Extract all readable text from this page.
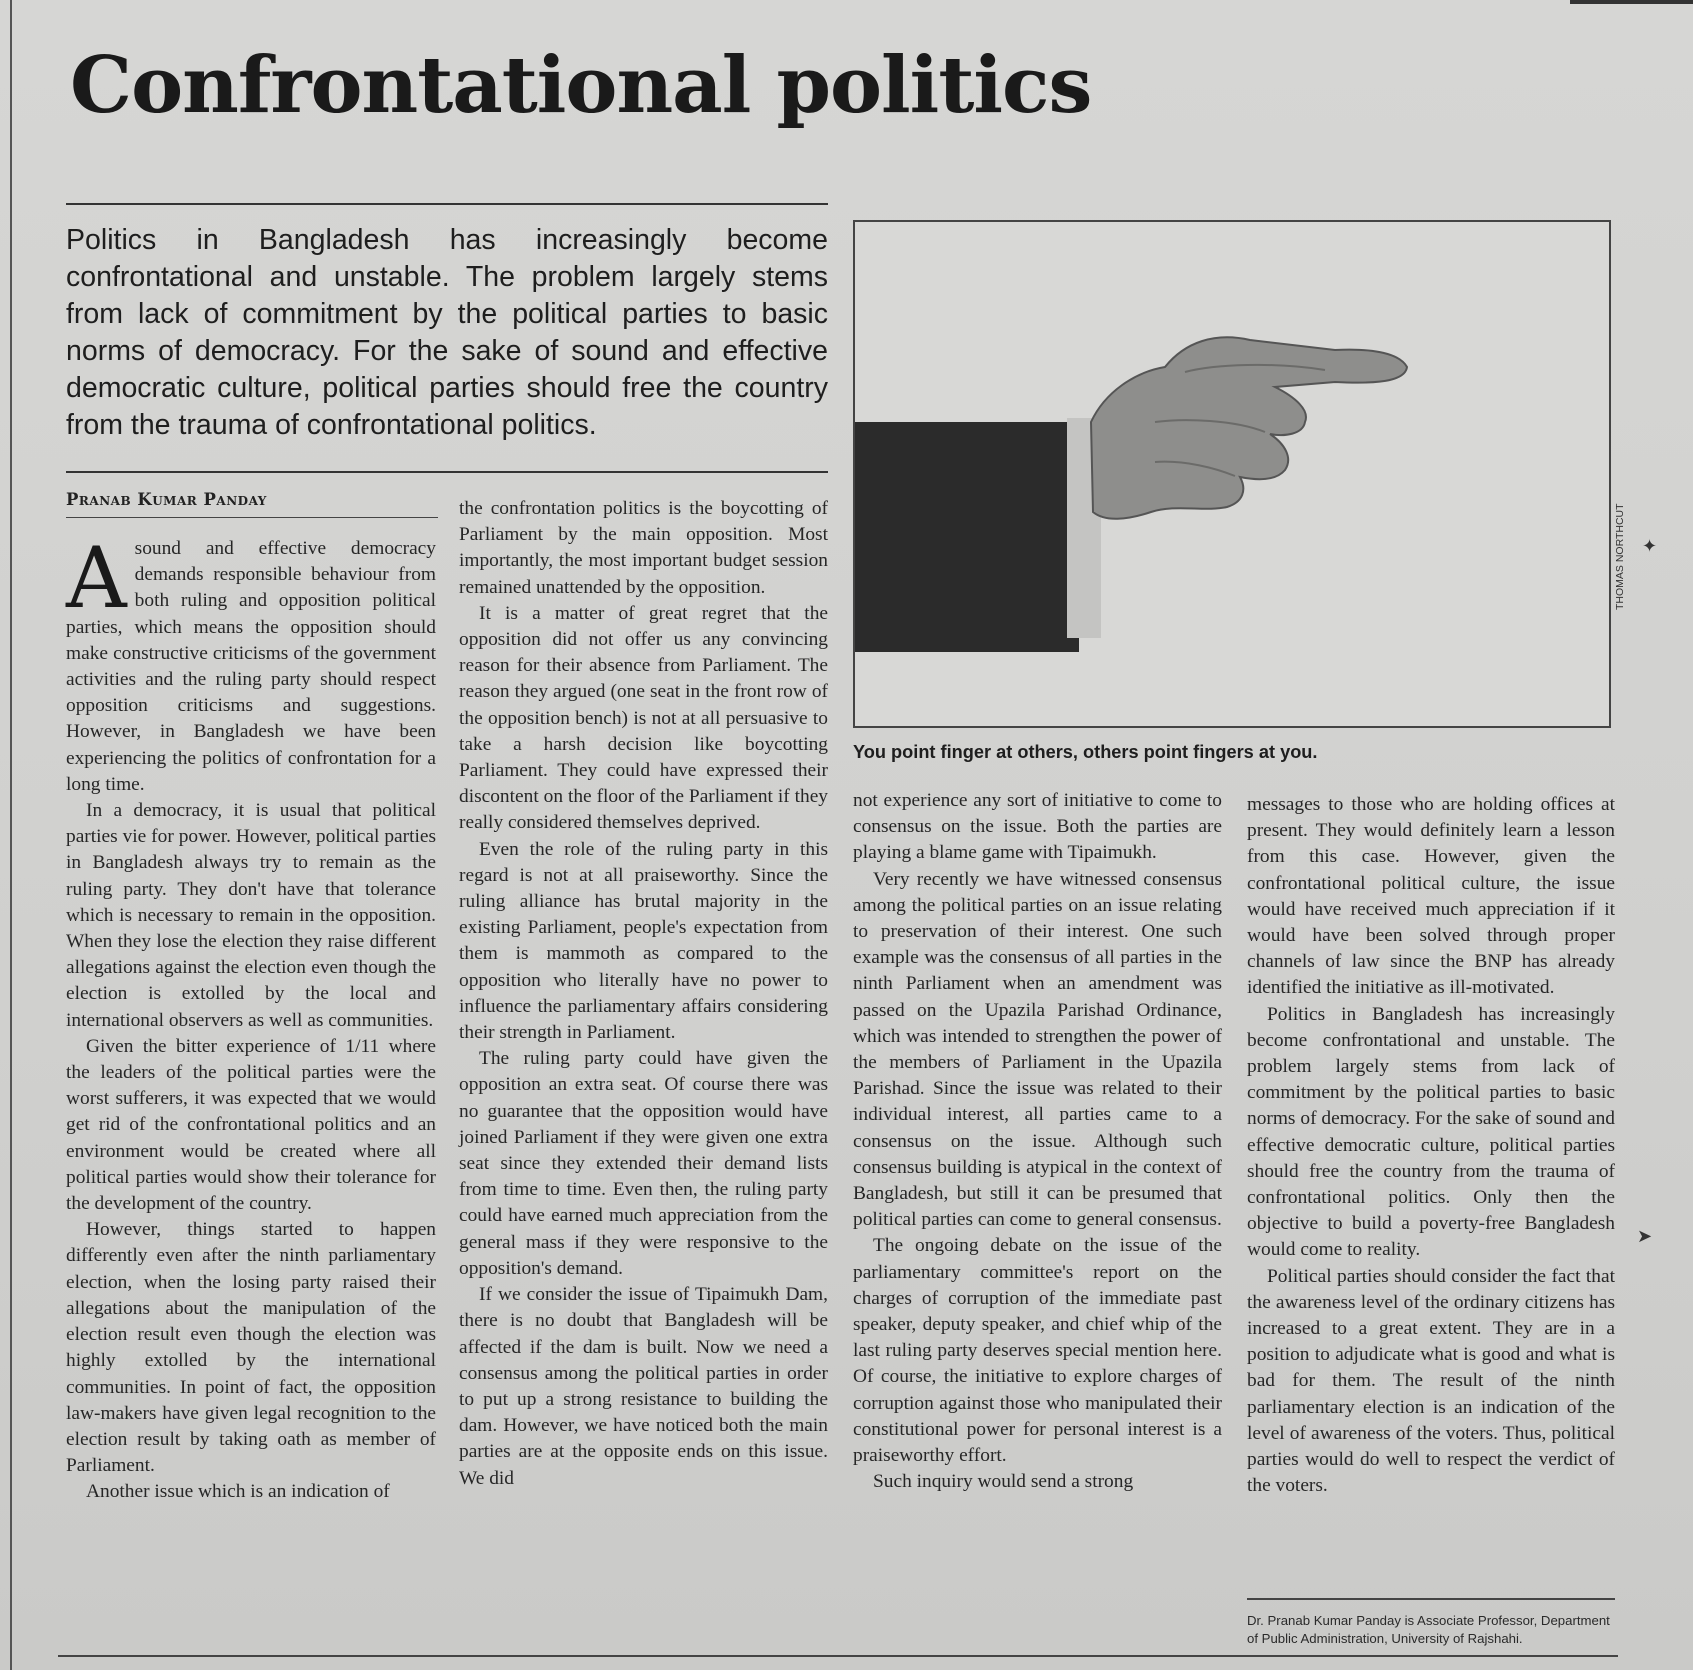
Confrontational politics

Politics in Bangladesh has increasingly become confrontational and unstable. The problem largely stems from lack of commitment by the political parties to basic norms of democracy. For the sake of sound and effective democratic culture, political parties should free the country from the trauma of confrontational politics.

Pranab Kumar Panday

Asound and effective democracy demands responsible behaviour from both ruling and opposition political parties, which means the opposition should make constructive criticisms of the government activities and the ruling party should respect opposition criticisms and suggestions. However, in Bangladesh we have been experiencing the politics of confrontation for a long time.

In a democracy, it is usual that political parties vie for power. However, political parties in Bangladesh always try to remain as the ruling party. They don't have that tolerance which is necessary to remain in the opposition. When they lose the election they raise different allegations against the election even though the election is extolled by the local and international observers as well as communities.

Given the bitter experience of 1/11 where the leaders of the political parties were the worst sufferers, it was expected that we would get rid of the confrontational politics and an environment would be created where all political parties would show their tolerance for the development of the country.

However, things started to happen differently even after the ninth parliamentary election, when the losing party raised their allegations about the manipulation of the election result even though the election was highly extolled by the international communities. In point of fact, the opposition law-makers have given legal recognition to the election result by taking oath as member of Parliament.

Another issue which is an indication of

the confrontation politics is the boycotting of Parliament by the main opposition. Most importantly, the most important budget session remained unattended by the opposition.

It is a matter of great regret that the opposition did not offer us any convincing reason for their absence from Parliament. The reason they argued (one seat in the front row of the opposition bench) is not at all persuasive to take a harsh decision like boycotting Parliament. They could have expressed their discontent on the floor of the Parliament if they really considered themselves deprived.

Even the role of the ruling party in this regard is not at all praiseworthy. Since the ruling alliance has brutal majority in the existing Parliament, people's expectation from them is mammoth as compared to the opposition who literally have no power to influence the parliamentary affairs considering their strength in Parliament.

The ruling party could have given the opposition an extra seat. Of course there was no guarantee that the opposition would have joined Parliament if they were given one extra seat since they extended their demand lists from time to time. Even then, the ruling party could have earned much appreciation from the general mass if they were responsive to the opposition's demand.

If we consider the issue of Tipaimukh Dam, there is no doubt that Bangladesh will be affected if the dam is built. Now we need a consensus among the political parties in order to put up a strong resistance to building the dam. However, we have noticed both the main parties are at the opposite ends on this issue. We did

THOMAS NORTHCUT

You point finger at others, others point fingers at you.

not experience any sort of initiative to come to consensus on the issue. Both the parties are playing a blame game with Tipaimukh.

Very recently we have witnessed consensus among the political parties on an issue relating to preservation of their interest. One such example was the consensus of all parties in the ninth Parliament when an amendment was passed on the Upazila Parishad Ordinance, which was intended to strengthen the power of the members of Parliament in the Upazila Parishad. Since the issue was related to their individual interest, all parties came to a consensus on the issue. Although such consensus building is atypical in the context of Bangladesh, but still it can be presumed that political parties can come to general consensus.

The ongoing debate on the issue of the parliamentary committee's report on the charges of corruption of the immediate past speaker, deputy speaker, and chief whip of the last ruling party deserves special mention here. Of course, the initiative to explore charges of corruption against those who manipulated their constitutional power for personal interest is a praiseworthy effort.

Such inquiry would send a strong

messages to those who are holding offices at present. They would definitely learn a lesson from this case. However, given the confrontational political culture, the issue would have received much appreciation if it would have been solved through proper channels of law since the BNP has already identified the initiative as ill-motivated.

Politics in Bangladesh has increasingly become confrontational and unstable. The problem largely stems from lack of commitment by the political parties to basic norms of democracy. For the sake of sound and effective democratic culture, political parties should free the country from the trauma of confrontational politics. Only then the objective to build a poverty-free Bangladesh would come to reality.

Political parties should consider the fact that the awareness level of the ordinary citizens has increased to a great extent. They are in a position to adjudicate what is good and what is bad for them. The result of the ninth parliamentary election is an indication of the level of awareness of the voters. Thus, political parties would do well to respect the verdict of the voters.

Dr. Pranab Kumar Panday is Associate Professor, Department of Public Administration, University of Rajshahi.

✦
➤
